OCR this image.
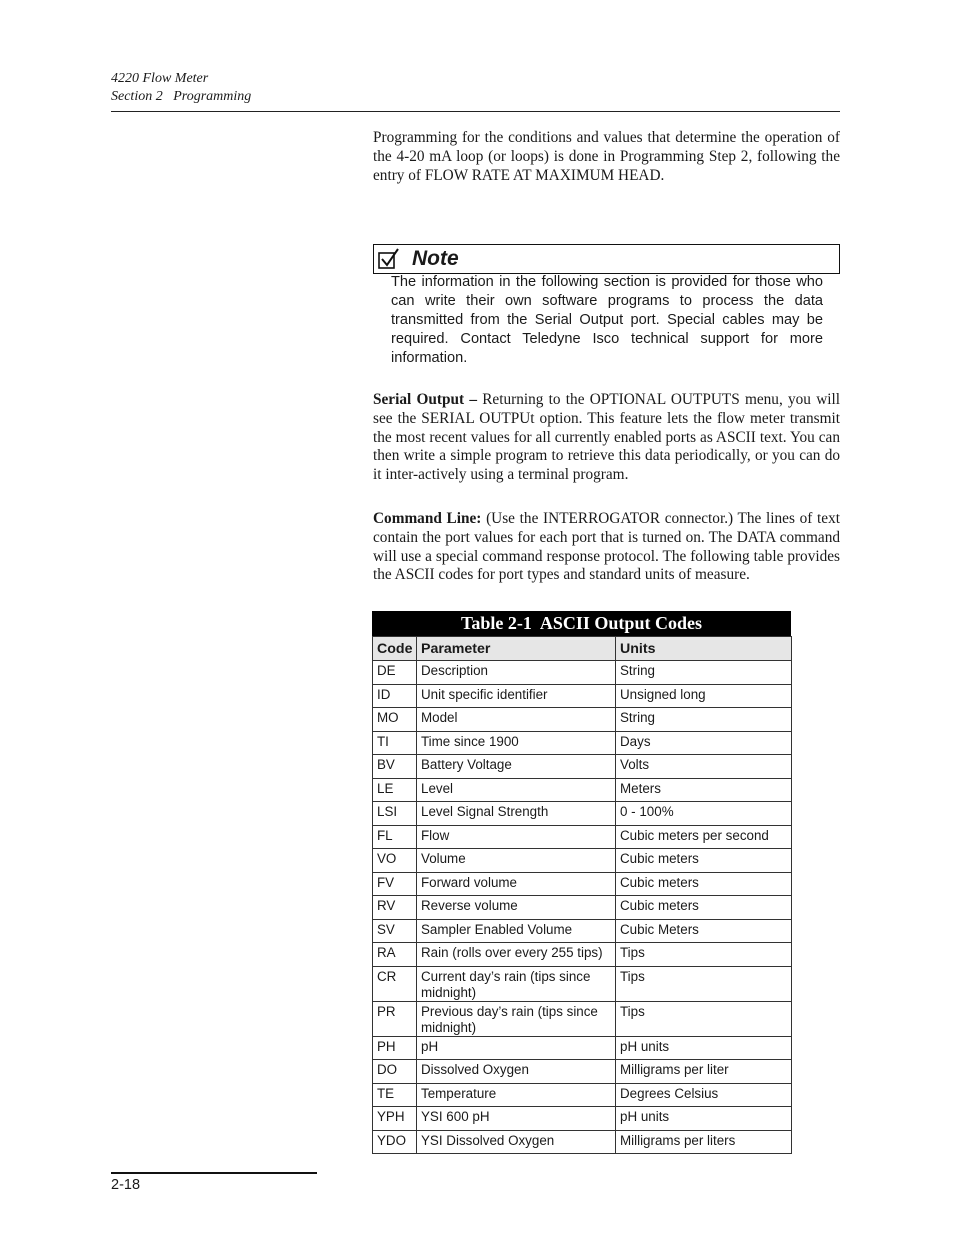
4220 Flow Meter
Section 2   Programming
Programming for the conditions and values that determine the operation of the 4-20 mA loop (or loops) is done in Programming Step 2, following the entry of FLOW RATE AT MAXIMUM HEAD.
Note
The information in the following section is provided for those who can write their own software programs to process the data transmitted from the Serial Output port. Special cables may be required. Contact Teledyne Isco technical support for more information.
Serial Output – Returning to the OPTIONAL OUTPUTS menu, you will see the SERIAL OUTPUt option. This feature lets the flow meter transmit the most recent values for all currently enabled ports as ASCII text. You can then write a simple program to retrieve this data periodically, or you can do it inter-actively using a terminal program.
Command Line: (Use the INTERROGATOR connector.) The lines of text contain the port values for each port that is turned on. The DATA command will use a special command response protocol. The following table provides the ASCII codes for port types and standard units of measure.
Table 2-1  ASCII Output Codes
Code	Parameter	Units
DE	Description	String
ID	Unit specific identifier	Unsigned long
MO	Model	String
TI	Time since 1900	Days
BV	Battery Voltage	Volts
LE	Level	Meters
LSI	Level Signal Strength	0 - 100%
FL	Flow	Cubic meters per second
VO	Volume	Cubic meters
FV	Forward volume	Cubic meters
RV	Reverse volume	Cubic meters
SV	Sampler Enabled Volume	Cubic Meters
RA	Rain (rolls over every 255 tips)	Tips
CR	Current day’s rain (tips since midnight)	Tips
PR	Previous day’s rain (tips since midnight)	Tips
PH	pH	pH units
DO	Dissolved Oxygen	Milligrams per liter
TE	Temperature	Degrees Celsius
YPH	YSI 600 pH	pH units
YDO	YSI Dissolved Oxygen	Milligrams per liters
2-18
